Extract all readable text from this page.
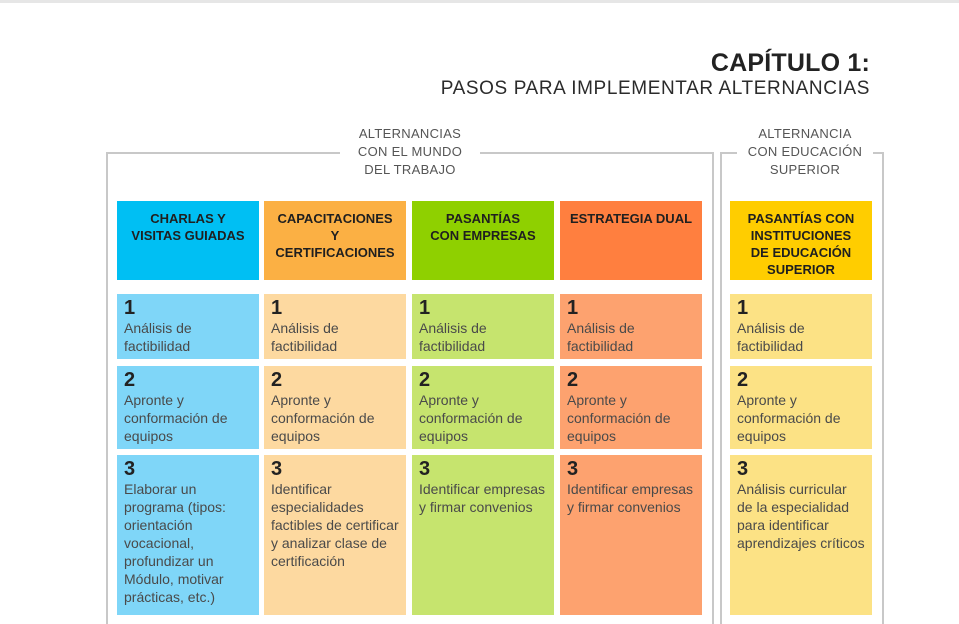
CAPÍTULO 1:
PASOS PARA IMPLEMENTAR ALTERNANCIAS
ALTERNANCIAS
CON EL MUNDO
DEL TRABAJO
ALTERNANCIA
CON EDUCACIÓN
SUPERIOR
CHARLAS Y
VISITAS GUIADAS
1
Análisis de factibilidad
2
Apronte y conformación de equipos
3
Elaborar un programa (tipos: orientación vocacional, profundizar un Módulo, motivar prácticas, etc.)
CAPACITACIONES
Y
CERTIFICACIONES
1
Análisis de factibilidad
2
Apronte y conformación de equipos
3
Identificar especialidades factibles de certificar y analizar clase de certificación
PASANTÍAS
CON EMPRESAS
1
Análisis de factibilidad
2
Apronte y conformación de equipos
3
Identificar empresas y firmar convenios
ESTRATEGIA DUAL
1
Análisis de factibilidad
2
Apronte y conformación de equipos
3
Identificar empresas y firmar convenios
PASANTÍAS CON
INSTITUCIONES
DE EDUCACIÓN
SUPERIOR
1
Análisis de factibilidad
2
Apronte y conformación de equipos
3
Análisis curricular de la especialidad para identificar aprendizajes críticos
